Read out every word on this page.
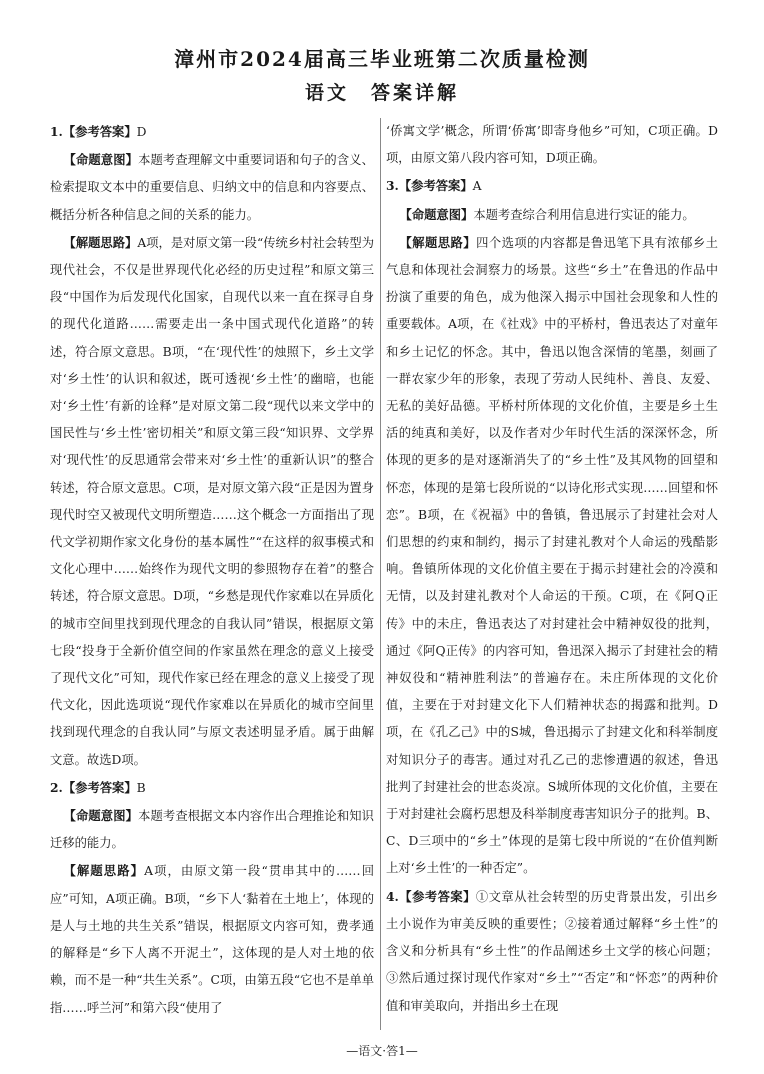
漳州市2024届高三毕业班第二次质量检测
语文　答案详解

1.【参考答案】D

【命题意图】本题考查理解文中重要词语和句子的含义、检索提取文本中的重要信息、归纳文中的信息和内容要点、概括分析各种信息之间的关系的能力。

【解题思路】A项，是对原文第一段“传统乡村社会转型为现代社会，不仅是世界现代化必经的历史过程”和原文第三段“中国作为后发现代化国家，自现代以来一直在探寻自身的现代化道路……需要走出一条中国式现代化道路”的转述，符合原文意思。B项，“在‘现代性’的烛照下，乡土文学对‘乡土性’的认识和叙述，既可透视‘乡土性’的幽暗，也能对‘乡土性’有新的诠释”是对原文第二段“现代以来文学中的国民性与‘乡土性’密切相关”和原文第三段“知识界、文学界对‘现代性’的反思通常会带来对‘乡土性’的重新认识”的整合转述，符合原文意思。C项，是对原文第六段“正是因为置身现代时空又被现代文明所塑造……这个概念一方面指出了现代文学初期作家文化身份的基本属性”“在这样的叙事模式和文化心理中……始终作为现代文明的参照物存在着”的整合转述，符合原文意思。D项，“乡愁是现代作家难以在异质化的城市空间里找到现代理念的自我认同”错误，根据原文第七段“投身于全新价值空间的作家虽然在理念的意义上接受了现代文化”可知，现代作家已经在理念的意义上接受了现代文化，因此选项说“现代作家难以在异质化的城市空间里找到现代理念的自我认同”与原文表述明显矛盾。属于曲解文意。故选D项。

2.【参考答案】B

【命题意图】本题考查根据文本内容作出合理推论和知识迁移的能力。

【解题思路】A项，由原文第一段“贯串其中的……回应”可知，A项正确。B项，“乡下人‘黏着在土地上’，体现的是人与土地的共生关系”错误，根据原文内容可知，费孝通的解释是“乡下人离不开泥土”，这体现的是人对土地的依赖，而不是一种“共生关系”。C项，由第五段“它也不是单单指……呼兰河”和第六段“使用了

‘侨寓文学’概念，所谓‘侨寓’即寄身他乡”可知，C项正确。D项，由原文第八段内容可知，D项正确。

3.【参考答案】A

【命题意图】本题考查综合利用信息进行实证的能力。

【解题思路】四个选项的内容都是鲁迅笔下具有浓郁乡土气息和体现社会洞察力的场景。这些“乡土”在鲁迅的作品中扮演了重要的角色，成为他深入揭示中国社会现象和人性的重要载体。A项，在《社戏》中的平桥村，鲁迅表达了对童年和乡土记忆的怀念。其中，鲁迅以饱含深情的笔墨，刻画了一群农家少年的形象，表现了劳动人民纯朴、善良、友爱、无私的美好品德。平桥村所体现的文化价值，主要是乡土生活的纯真和美好，以及作者对少年时代生活的深深怀念，所体现的更多的是对逐渐消失了的“乡土性”及其风物的回望和怀恋，体现的是第七段所说的“以诗化形式实现……回望和怀恋”。B项，在《祝福》中的鲁镇，鲁迅展示了封建社会对人们思想的约束和制约，揭示了封建礼教对个人命运的残酷影响。鲁镇所体现的文化价值主要在于揭示封建社会的冷漠和无情，以及封建礼教对个人命运的干预。C项，在《阿Q正传》中的未庄，鲁迅表达了对封建社会中精神奴役的批判，通过《阿Q正传》的内容可知，鲁迅深入揭示了封建社会的精神奴役和“精神胜利法”的普遍存在。未庄所体现的文化价值，主要在于对封建文化下人们精神状态的揭露和批判。D项，在《孔乙己》中的S城，鲁迅揭示了封建文化和科举制度对知识分子的毒害。通过对孔乙己的悲惨遭遇的叙述，鲁迅批判了封建社会的世态炎凉。S城所体现的文化价值，主要在于对封建社会腐朽思想及科举制度毒害知识分子的批判。B、C、D三项中的“乡土”体现的是第七段中所说的“在价值判断上对‘乡土性’的一种否定”。

4.【参考答案】①文章从社会转型的历史背景出发，引出乡土小说作为审美反映的重要性；②接着通过解释“乡土性”的含义和分析具有“乡土性”的作品阐述乡土文学的核心问题；③然后通过探讨现代作家对“乡土”“否定”和“怀恋”的两种价值和审美取向，并指出乡土在现

—语文·答1—
